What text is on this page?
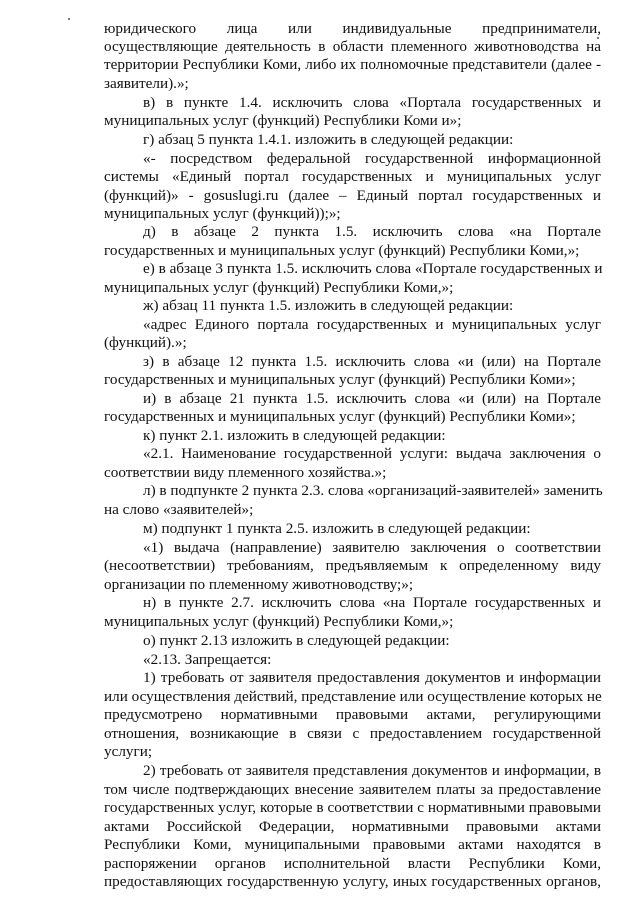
юридического лица или индивидуальные предприниматели,
осуществляющие деятельность в области племенного животноводства на
территории Республики Коми, либо их полномочные представители (далее -
заявители).»;
в) в пункте 1.4. исключить слова «Портала государственных и
муниципальных услуг (функций) Республики Коми и»;
г) абзац 5 пункта 1.4.1. изложить в следующей редакции:
«- посредством федеральной государственной информационной
системы «Единый портал государственных и муниципальных услуг
(функций)» - gosuslugi.ru (далее – Единый портал государственных и
муниципальных услуг (функций));»;
д) в абзаце 2 пункта 1.5. исключить слова «на Портале
государственных и муниципальных услуг (функций) Республики Коми,»;
е) в абзаце 3 пункта 1.5. исключить слова «Портале государственных и
муниципальных услуг (функций) Республики Коми,»;
ж) абзац 11 пункта 1.5. изложить в следующей редакции:
«адрес Единого портала государственных и муниципальных услуг
(функций).»;
з) в абзаце 12 пункта 1.5. исключить слова «и (или) на Портале
государственных и муниципальных услуг (функций) Республики Коми»;
и) в абзаце 21 пункта 1.5. исключить слова «и (или) на Портале
государственных и муниципальных услуг (функций) Республики Коми»;
к) пункт 2.1. изложить в следующей редакции:
«2.1. Наименование государственной услуги: выдача заключения о
соответствии виду племенного хозяйства.»;
л) в подпункте 2 пункта 2.3. слова «организаций-заявителей» заменить
на слово «заявителей»;
м) подпункт 1 пункта 2.5. изложить в следующей редакции:
«1) выдача (направление) заявителю заключения о соответствии
(несоответствии) требованиям, предъявляемым к определенному виду
организации по племенному животноводству;»;
н) в пункте 2.7. исключить слова «на Портале государственных и
муниципальных услуг (функций) Республики Коми,»;
о) пункт 2.13 изложить в следующей редакции:
«2.13. Запрещается:
1) требовать от заявителя предоставления документов и информации
или осуществления действий, представление или осуществление которых не
предусмотрено нормативными правовыми актами, регулирующими
отношения, возникающие в связи с предоставлением государственной
услуги;
2) требовать от заявителя представления документов и информации, в
том числе подтверждающих внесение заявителем платы за предоставление
государственных услуг, которые в соответствии с нормативными правовыми
актами Российской Федерации, нормативными правовыми актами
Республики Коми, муниципальными правовыми актами находятся в
распоряжении органов исполнительной власти Республики Коми,
предоставляющих государственную услугу, иных государственных органов,
